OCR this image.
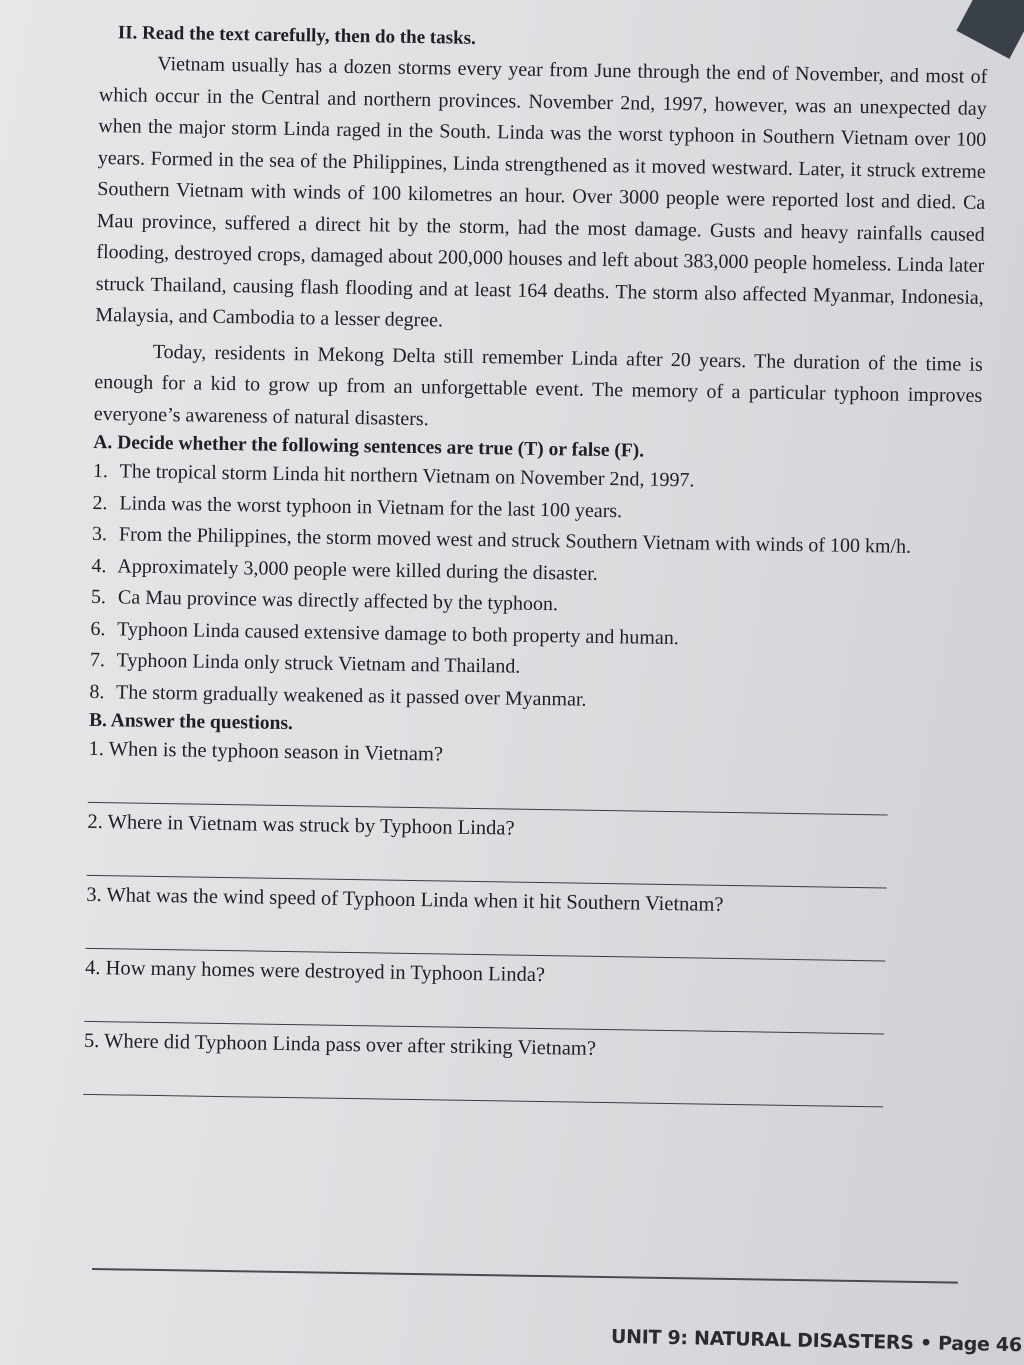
II. Read the text carefully, then do the tasks.

Vietnam usually has a dozen storms every year from June through the end of November, and most of which occur in the Central and northern provinces. November 2nd, 1997, however, was an unexpected day when the major storm Linda raged in the South. Linda was the worst typhoon in Southern Vietnam over 100 years. Formed in the sea of the Philippines, Linda strengthened as it moved westward. Later, it struck extreme Southern Vietnam with winds of 100 kilometres an hour. Over 3000 people were reported lost and died. Ca Mau province, suffered a direct hit by the storm, had the most damage. Gusts and heavy rainfalls caused flooding, destroyed crops, damaged about 200,000 houses and left about 383,000 people homeless. Linda later struck Thailand, causing flash flooding and at least 164 deaths. The storm also affected Myanmar, Indonesia, Malaysia, and Cambodia to a lesser degree.

Today, residents in Mekong Delta still remember Linda after 20 years. The duration of the time is enough for a kid to grow up from an unforgettable event. The memory of a particular typhoon improves everyone’s awareness of natural disasters.

A. Decide whether the following sentences are true (T) or false (F).
1. The tropical storm Linda hit northern Vietnam on November 2nd, 1997.
2. Linda was the worst typhoon in Vietnam for the last 100 years.
3. From the Philippines, the storm moved west and struck Southern Vietnam with winds of 100 km/h.
4. Approximately 3,000 people were killed during the disaster.
5. Ca Mau province was directly affected by the typhoon.
6. Typhoon Linda caused extensive damage to both property and human.
7. Typhoon Linda only struck Vietnam and Thailand.
8. The storm gradually weakened as it passed over Myanmar.
B. Answer the questions.
1. When is the typhoon season in Vietnam?
2. Where in Vietnam was struck by Typhoon Linda?
3. What was the wind speed of Typhoon Linda when it hit Southern Vietnam?
4. How many homes were destroyed in Typhoon Linda?
5. Where did Typhoon Linda pass over after striking Vietnam?
UNIT 9: NATURAL DISASTERS • Page 46
